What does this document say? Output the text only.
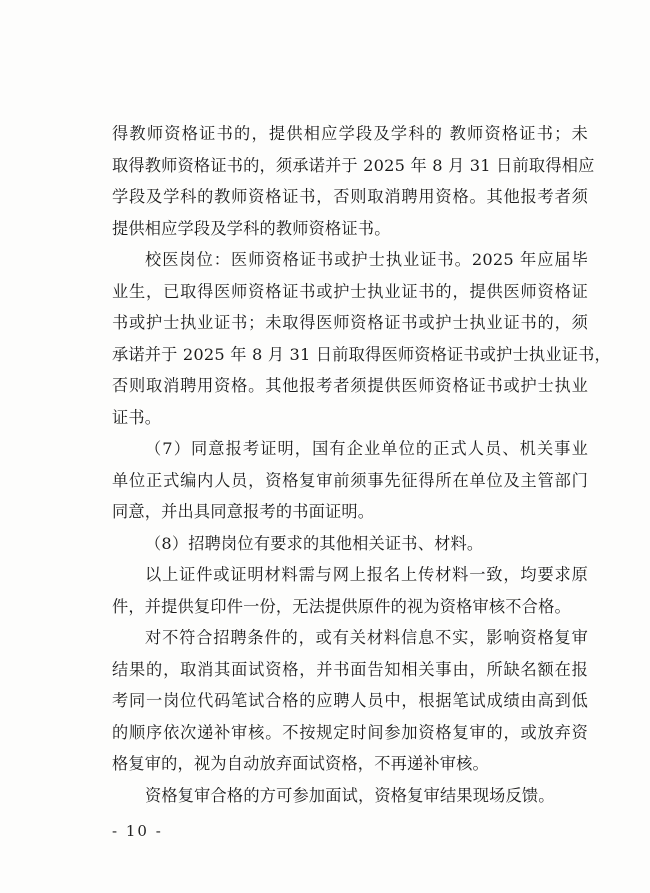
得教师资格证书的，提供相应学段及学科的 教师资格证书；未
取得教师资格证书的，须承诺并于 2025 年 8 月 31 日前取得相应
学段及学科的教师资格证书，否则取消聘用资格。其他报考者须
提供相应学段及学科的教师资格证书。
校医岗位：医师资格证书或护士执业证书。2025 年应届毕
业生，已取得医师资格证书或护士执业证书的，提供医师资格证
书或护士执业证书；未取得医师资格证书或护士执业证书的，须
承诺并于 2025 年 8 月 31 日前取得医师资格证书或护士执业证书，
否则取消聘用资格。其他报考者须提供医师资格证书或护士执业
证书。
（7）同意报考证明，国有企业单位的正式人员、机关事业
单位正式编内人员，资格复审前须事先征得所在单位及主管部门
同意，并出具同意报考的书面证明。
（8）招聘岗位有要求的其他相关证书、材料。
以上证件或证明材料需与网上报名上传材料一致，均要求原
件，并提供复印件一份，无法提供原件的视为资格审核不合格。
对不符合招聘条件的，或有关材料信息不实，影响资格复审
结果的，取消其面试资格，并书面告知相关事由，所缺名额在报
考同一岗位代码笔试合格的应聘人员中，根据笔试成绩由高到低
的顺序依次递补审核。不按规定时间参加资格复审的，或放弃资
格复审的，视为自动放弃面试资格，不再递补审核。
资格复审合格的方可参加面试，资格复审结果现场反馈。
- 10 -
